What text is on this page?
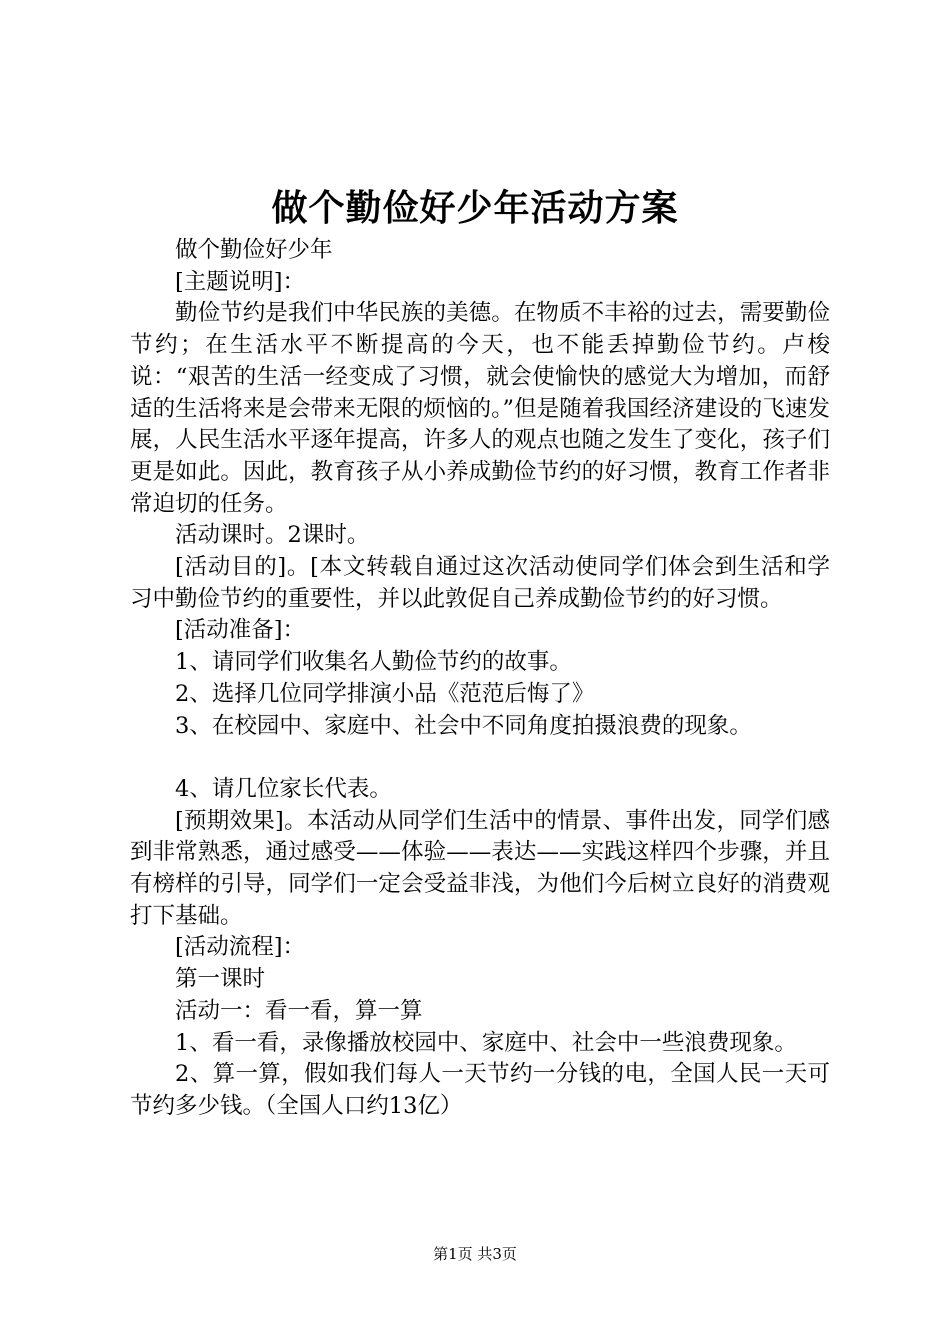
做个勤俭好少年活动方案

做个勤俭好少年

[主题说明]：

勤俭节约是我们中华民族的美德。在物质不丰裕的过去，需要勤俭节约；在生活水平不断提高的今天，也不能丢掉勤俭节约。卢梭说：“艰苦的生活一经变成了习惯，就会使愉快的感觉大为增加，而舒适的生活将来是会带来无限的烦恼的。”但是随着我国经济建设的飞速发展，人民生活水平逐年提高，许多人的观点也随之发生了变化，孩子们更是如此。因此，教育孩子从小养成勤俭节约的好习惯，教育工作者非常迫切的任务。

活动课时。2课时。

[活动目的]。[本文转载自通过这次活动使同学们体会到生活和学习中勤俭节约的重要性，并以此敦促自己养成勤俭节约的好习惯。

[活动准备]：

1、请同学们收集名人勤俭节约的故事。

2、选择几位同学排演小品《范范后悔了》

3、在校园中、家庭中、社会中不同角度拍摄浪费的现象。

4、请几位家长代表。

[预期效果]。本活动从同学们生活中的情景、事件出发，同学们感到非常熟悉，通过感受——体验——表达——实践这样四个步骤，并且有榜样的引导，同学们一定会受益非浅，为他们今后树立良好的消费观打下基础。

[活动流程]：

第一课时

活动一：看一看，算一算

1、看一看，录像播放校园中、家庭中、社会中一些浪费现象。

2、算一算，假如我们每人一天节约一分钱的电，全国人民一天可节约多少钱。（全国人口约13亿）

第1页 共3页
